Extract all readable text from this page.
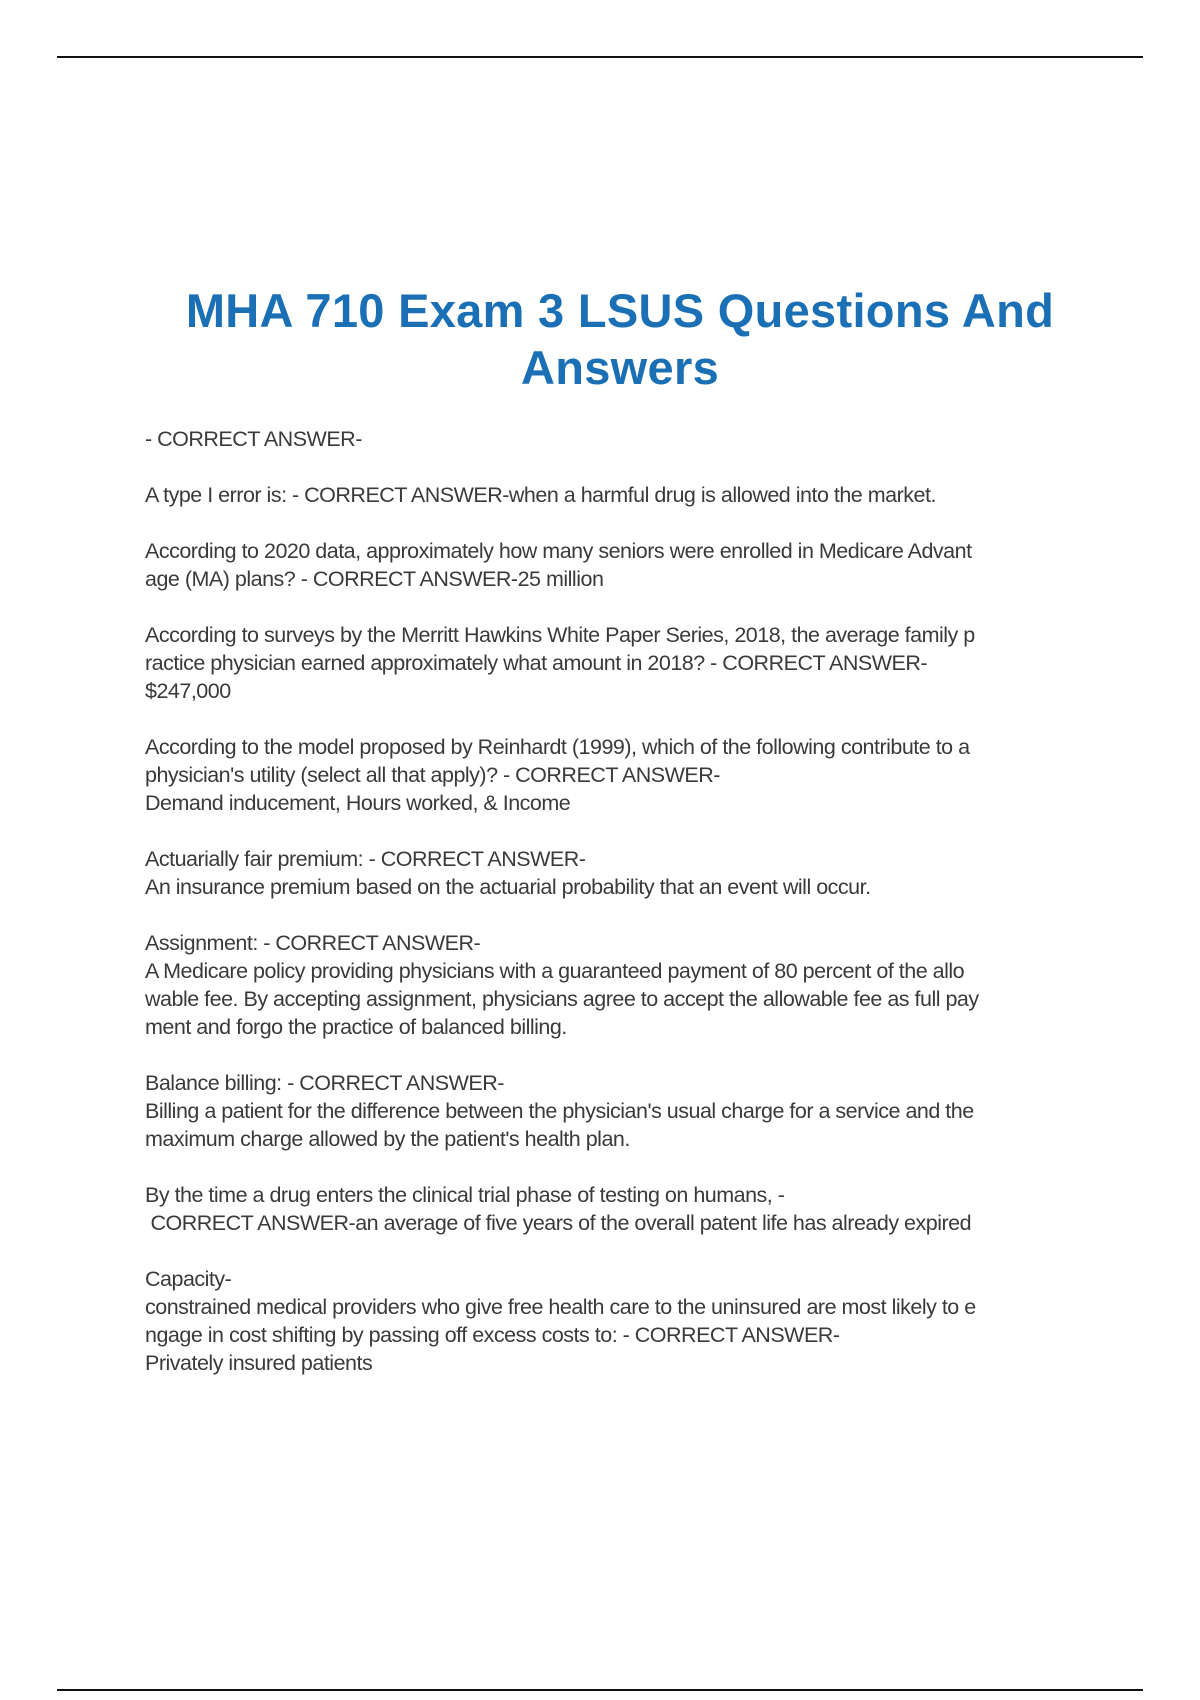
MHA 710 Exam 3 LSUS Questions And
Answers
- CORRECT ANSWER-
A type I error is: - CORRECT ANSWER-when a harmful drug is allowed into the market.
According to 2020 data, approximately how many seniors were enrolled in Medicare Advant
age (MA) plans? - CORRECT ANSWER-25 million
According to surveys by the Merritt Hawkins White Paper Series, 2018, the average family p
ractice physician earned approximately what amount in 2018? - CORRECT ANSWER-
$247,000
According to the model proposed by Reinhardt (1999), which of the following contribute to a
physician's utility (select all that apply)? - CORRECT ANSWER-
Demand inducement, Hours worked, & Income
Actuarially fair premium: - CORRECT ANSWER-
An insurance premium based on the actuarial probability that an event will occur.
Assignment: - CORRECT ANSWER-
A Medicare policy providing physicians with a guaranteed payment of 80 percent of the allo
wable fee. By accepting assignment, physicians agree to accept the allowable fee as full pay
ment and forgo the practice of balanced billing.
Balance billing: - CORRECT ANSWER-
Billing a patient for the difference between the physician's usual charge for a service and the
maximum charge allowed by the patient's health plan.
By the time a drug enters the clinical trial phase of testing on humans, -
CORRECT ANSWER-an average of five years of the overall patent life has already expired
Capacity-
constrained medical providers who give free health care to the uninsured are most likely to e
ngage in cost shifting by passing off excess costs to: - CORRECT ANSWER-
Privately insured patients
